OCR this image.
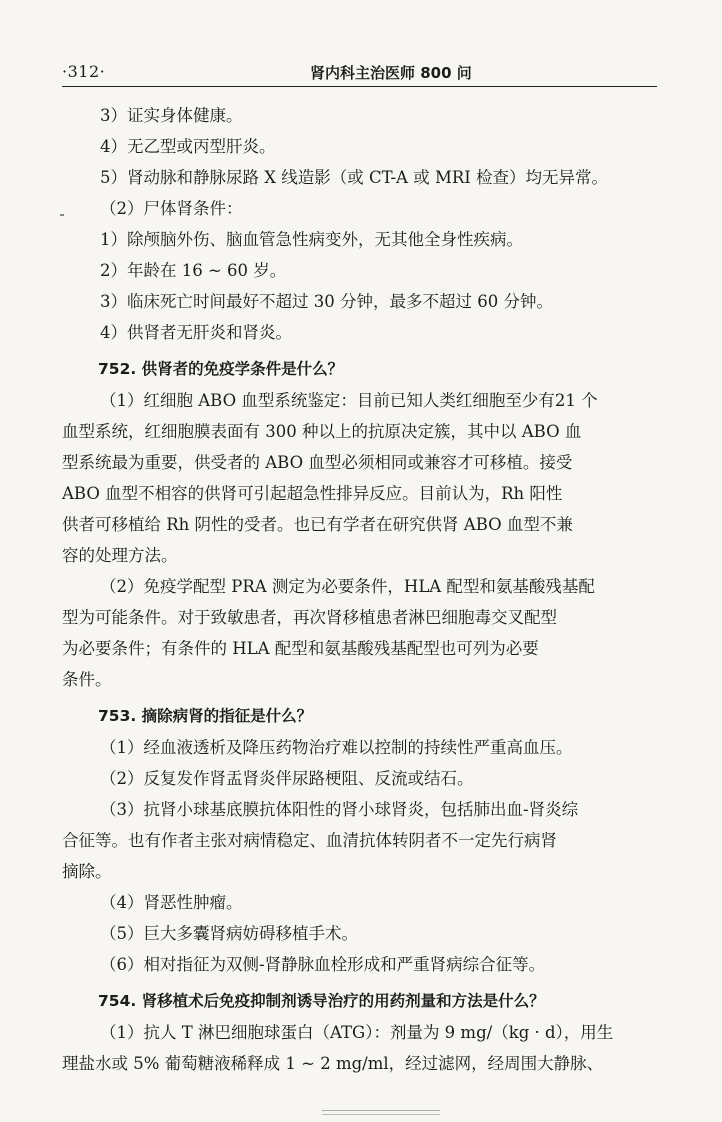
·312·	肾内科主治医师 800 问
3）证实身体健康。
4）无乙型或丙型肝炎。
5）肾动脉和静脉尿路 X 线造影（或 CT-A 或 MRI 检查）均无异常。
（2）尸体肾条件：
1）除颅脑外伤、脑血管急性病变外，无其他全身性疾病。
2）年龄在 16 ~ 60 岁。
3）临床死亡时间最好不超过 30 分钟，最多不超过 60 分钟。
4）供肾者无肝炎和肾炎。
752. 供肾者的免疫学条件是什么？
（1）红细胞 ABO 血型系统鉴定：目前已知人类红细胞至少有21 个
血型系统，红细胞膜表面有 300 种以上的抗原决定簇，其中以 ABO 血
型系统最为重要，供受者的 ABO 血型必须相同或兼容才可移植。接受
ABO 血型不相容的供肾可引起超急性排异反应。目前认为，Rh 阳性
供者可移植给 Rh 阴性的受者。也已有学者在研究供肾 ABO 血型不兼
容的处理方法。
（2）免疫学配型 PRA 测定为必要条件，HLA 配型和氨基酸残基配
型为可能条件。对于致敏患者，再次肾移植患者淋巴细胞毒交叉配型
为必要条件；有条件的 HLA 配型和氨基酸残基配型也可列为必要
条件。
753. 摘除病肾的指征是什么？
（1）经血液透析及降压药物治疗难以控制的持续性严重高血压。
（2）反复发作肾盂肾炎伴尿路梗阻、反流或结石。
（3）抗肾小球基底膜抗体阳性的肾小球肾炎，包括肺出血-肾炎综
合征等。也有作者主张对病情稳定、血清抗体转阴者不一定先行病肾
摘除。
（4）肾恶性肿瘤。
（5）巨大多囊肾病妨碍移植手术。
（6）相对指征为双侧-肾静脉血栓形成和严重肾病综合征等。
754. 肾移植术后免疫抑制剂诱导治疗的用药剂量和方法是什么？
（1）抗人 T 淋巴细胞球蛋白（ATG）：剂量为 9 mg/（kg · d），用生
理盐水或 5% 葡萄糖液稀释成 1 ~ 2 mg/ml，经过滤网，经周围大静脉、
